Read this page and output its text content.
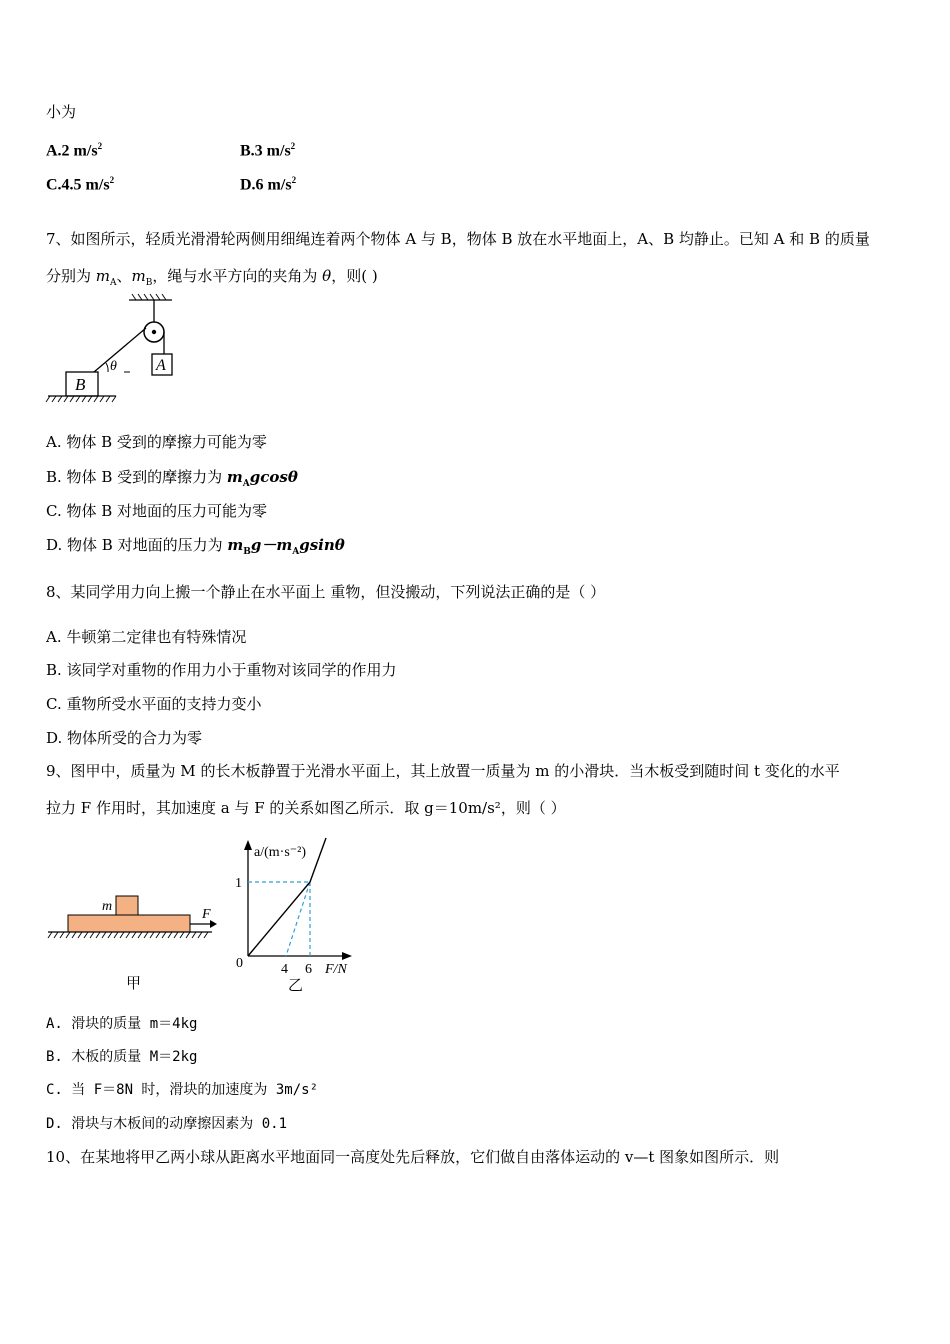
小为
A.2 $m/s^2$	B.3 $m/s^2$
C.4.5 $m/s^2$	D.6 $m/s^2$
7、如图所示，轻质光滑滑轮两侧用细绳连着两个物体 A 与 B，物体 B 放在水平地面上，A、B 均静止。已知 A 和 B 的质量
分别为 $m_A$、$m_B$，绳与水平方向的夹角为 θ，则( )
A
B
θ
A. 物体 B 受到的摩擦力可能为零
B. 物体 B 受到的摩擦力为 $m_Agcos\theta$
C. 物体 B 对地面的压力可能为零
D. 物体 B 对地面的压力为 $m_Bg-m_Agsin\theta$
8、某同学用力向上搬一个静止在水平面上 重物，但没搬动，下列说法正确的是（ ）
A. 牛顿第二定律也有特殊情况
B. 该同学对重物的作用力小于重物对该同学的作用力
C. 重物所受水平面的支持力变小
D. 物体所受的合力为零
9、图甲中，质量为 M 的长木板静置于光滑水平面上，其上放置一质量为 m 的小滑块．当木板受到随时间 t 变化的水平
拉力 F 作用时，其加速度 a 与 F 的关系如图乙所示．取 g＝10m/s²，则（ ）
m
F
甲
a/(m·s⁻²)
1
0	4 6 F/N
乙
A. 滑块的质量 m＝4kg
B. 木板的质量 M＝2kg
C. 当 F＝8N 时，滑块的加速度为 3m/s²
D. 滑块与木板间的动摩擦因素为 0.1
10、在某地将甲乙两小球从距离水平地面同一高度处先后释放，它们做自由落体运动的 v—t 图象如图所示．则
